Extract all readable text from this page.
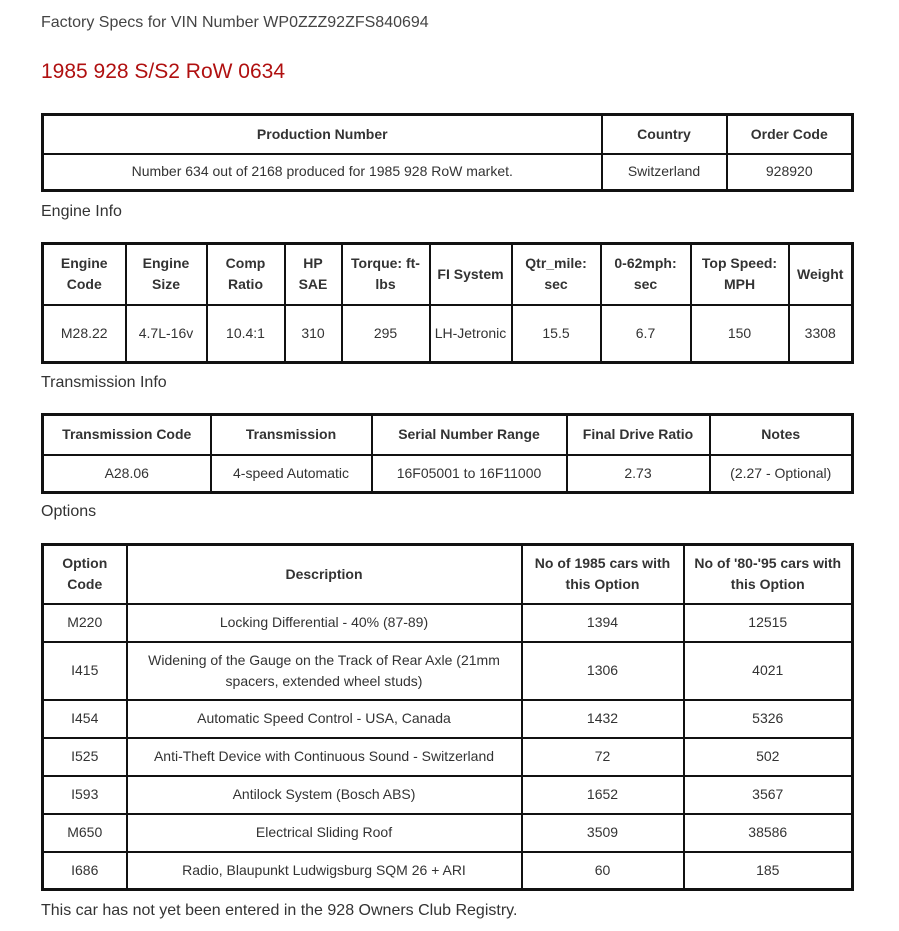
Factory Specs for VIN Number WP0ZZZ92ZFS840694
1985 928 S/S2 RoW 0634
Production Number	Country	Order Code
Number 634 out of 2168 produced for 1985 928 RoW market.	Switzerland	928920
Engine Info
Engine Code	Engine Size	Comp Ratio	HP SAE	Torque: ft-lbs	FI System	Qtr_mile: sec	0-62mph: sec	Top Speed: MPH	Weight
M28.22	4.7L-16v	10.4:1	310	295	LH-Jetronic	15.5	6.7	150	3308
Transmission Info
Transmission Code	Transmission	Serial Number Range	Final Drive Ratio	Notes
A28.06	4-speed Automatic	16F05001 to 16F11000	2.73	(2.27 - Optional)
Options
Option Code	Description	No of 1985 cars with this Option	No of '80-'95 cars with this Option
M220	Locking Differential - 40% (87-89)	1394	12515
I415	Widening of the Gauge on the Track of Rear Axle (21mm spacers, extended wheel studs)	1306	4021
I454	Automatic Speed Control - USA, Canada	1432	5326
I525	Anti-Theft Device with Continuous Sound - Switzerland	72	502
I593	Antilock System (Bosch ABS)	1652	3567
M650	Electrical Sliding Roof	3509	38586
I686	Radio, Blaupunkt Ludwigsburg SQM 26 + ARI	60	185
This car has not yet been entered in the 928 Owners Club Registry.
